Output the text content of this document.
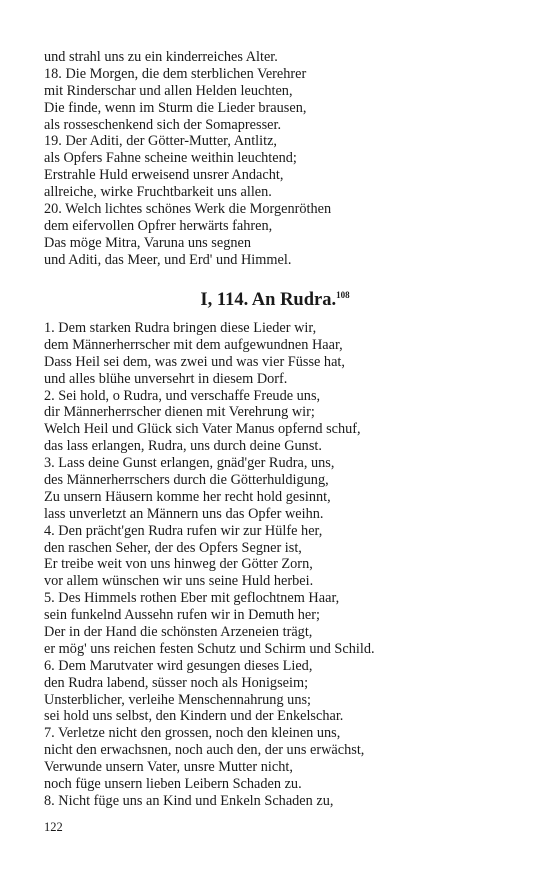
und strahl uns zu ein kinderreiches Alter.
18. Die Morgen, die dem sterblichen Verehrer
mit Rinderschar und allen Helden leuchten,
Die finde, wenn im Sturm die Lieder brausen,
als rosseschenkend sich der Somapresser.
19. Der Aditi, der Götter-Mutter, Antlitz,
als Opfers Fahne scheine weithin leuchtend;
Erstrahle Huld erweisend unsrer Andacht,
allreiche, wirke Fruchtbarkeit uns allen.
20. Welch lichtes schönes Werk die Morgenröthen
dem eifervollen Opfrer herwärts fahren,
Das möge Mitra, Varuna uns segnen
und Aditi, das Meer, und Erd' und Himmel.
I, 114. An Rudra.$^{108}$
1. Dem starken Rudra bringen diese Lieder wir,
dem Männerherrscher mit dem aufgewundnen Haar,
Dass Heil sei dem, was zwei und was vier Füsse hat,
und alles blühe unversehrt in diesem Dorf.
2. Sei hold, o Rudra, und verschaffe Freude uns,
dir Männerherrscher dienen mit Verehrung wir;
Welch Heil und Glück sich Vater Manus opfernd schuf,
das lass erlangen, Rudra, uns durch deine Gunst.
3. Lass deine Gunst erlangen, gnäd'ger Rudra, uns,
des Männerherrschers durch die Götterhuldigung,
Zu unsern Häusern komme her recht hold gesinnt,
lass unverletzt an Männern uns das Opfer weihn.
4. Den prächt'gen Rudra rufen wir zur Hülfe her,
den raschen Seher, der des Opfers Segner ist,
Er treibe weit von uns hinweg der Götter Zorn,
vor allem wünschen wir uns seine Huld herbei.
5. Des Himmels rothen Eber mit geflochtnem Haar,
sein funkelnd Aussehn rufen wir in Demuth her;
Der in der Hand die schönsten Arzeneien trägt,
er mög' uns reichen festen Schutz und Schirm und Schild.
6. Dem Marutvater wird gesungen dieses Lied,
den Rudra labend, süsser noch als Honigseim;
Unsterblicher, verleihe Menschennahrung uns;
sei hold uns selbst, den Kindern und der Enkelschar.
7. Verletze nicht den grossen, noch den kleinen uns,
nicht den erwachsnen, noch auch den, der uns erwächst,
Verwunde unsern Vater, unsre Mutter nicht,
noch füge unsern lieben Leibern Schaden zu.
8. Nicht füge uns an Kind und Enkeln Schaden zu,
122
